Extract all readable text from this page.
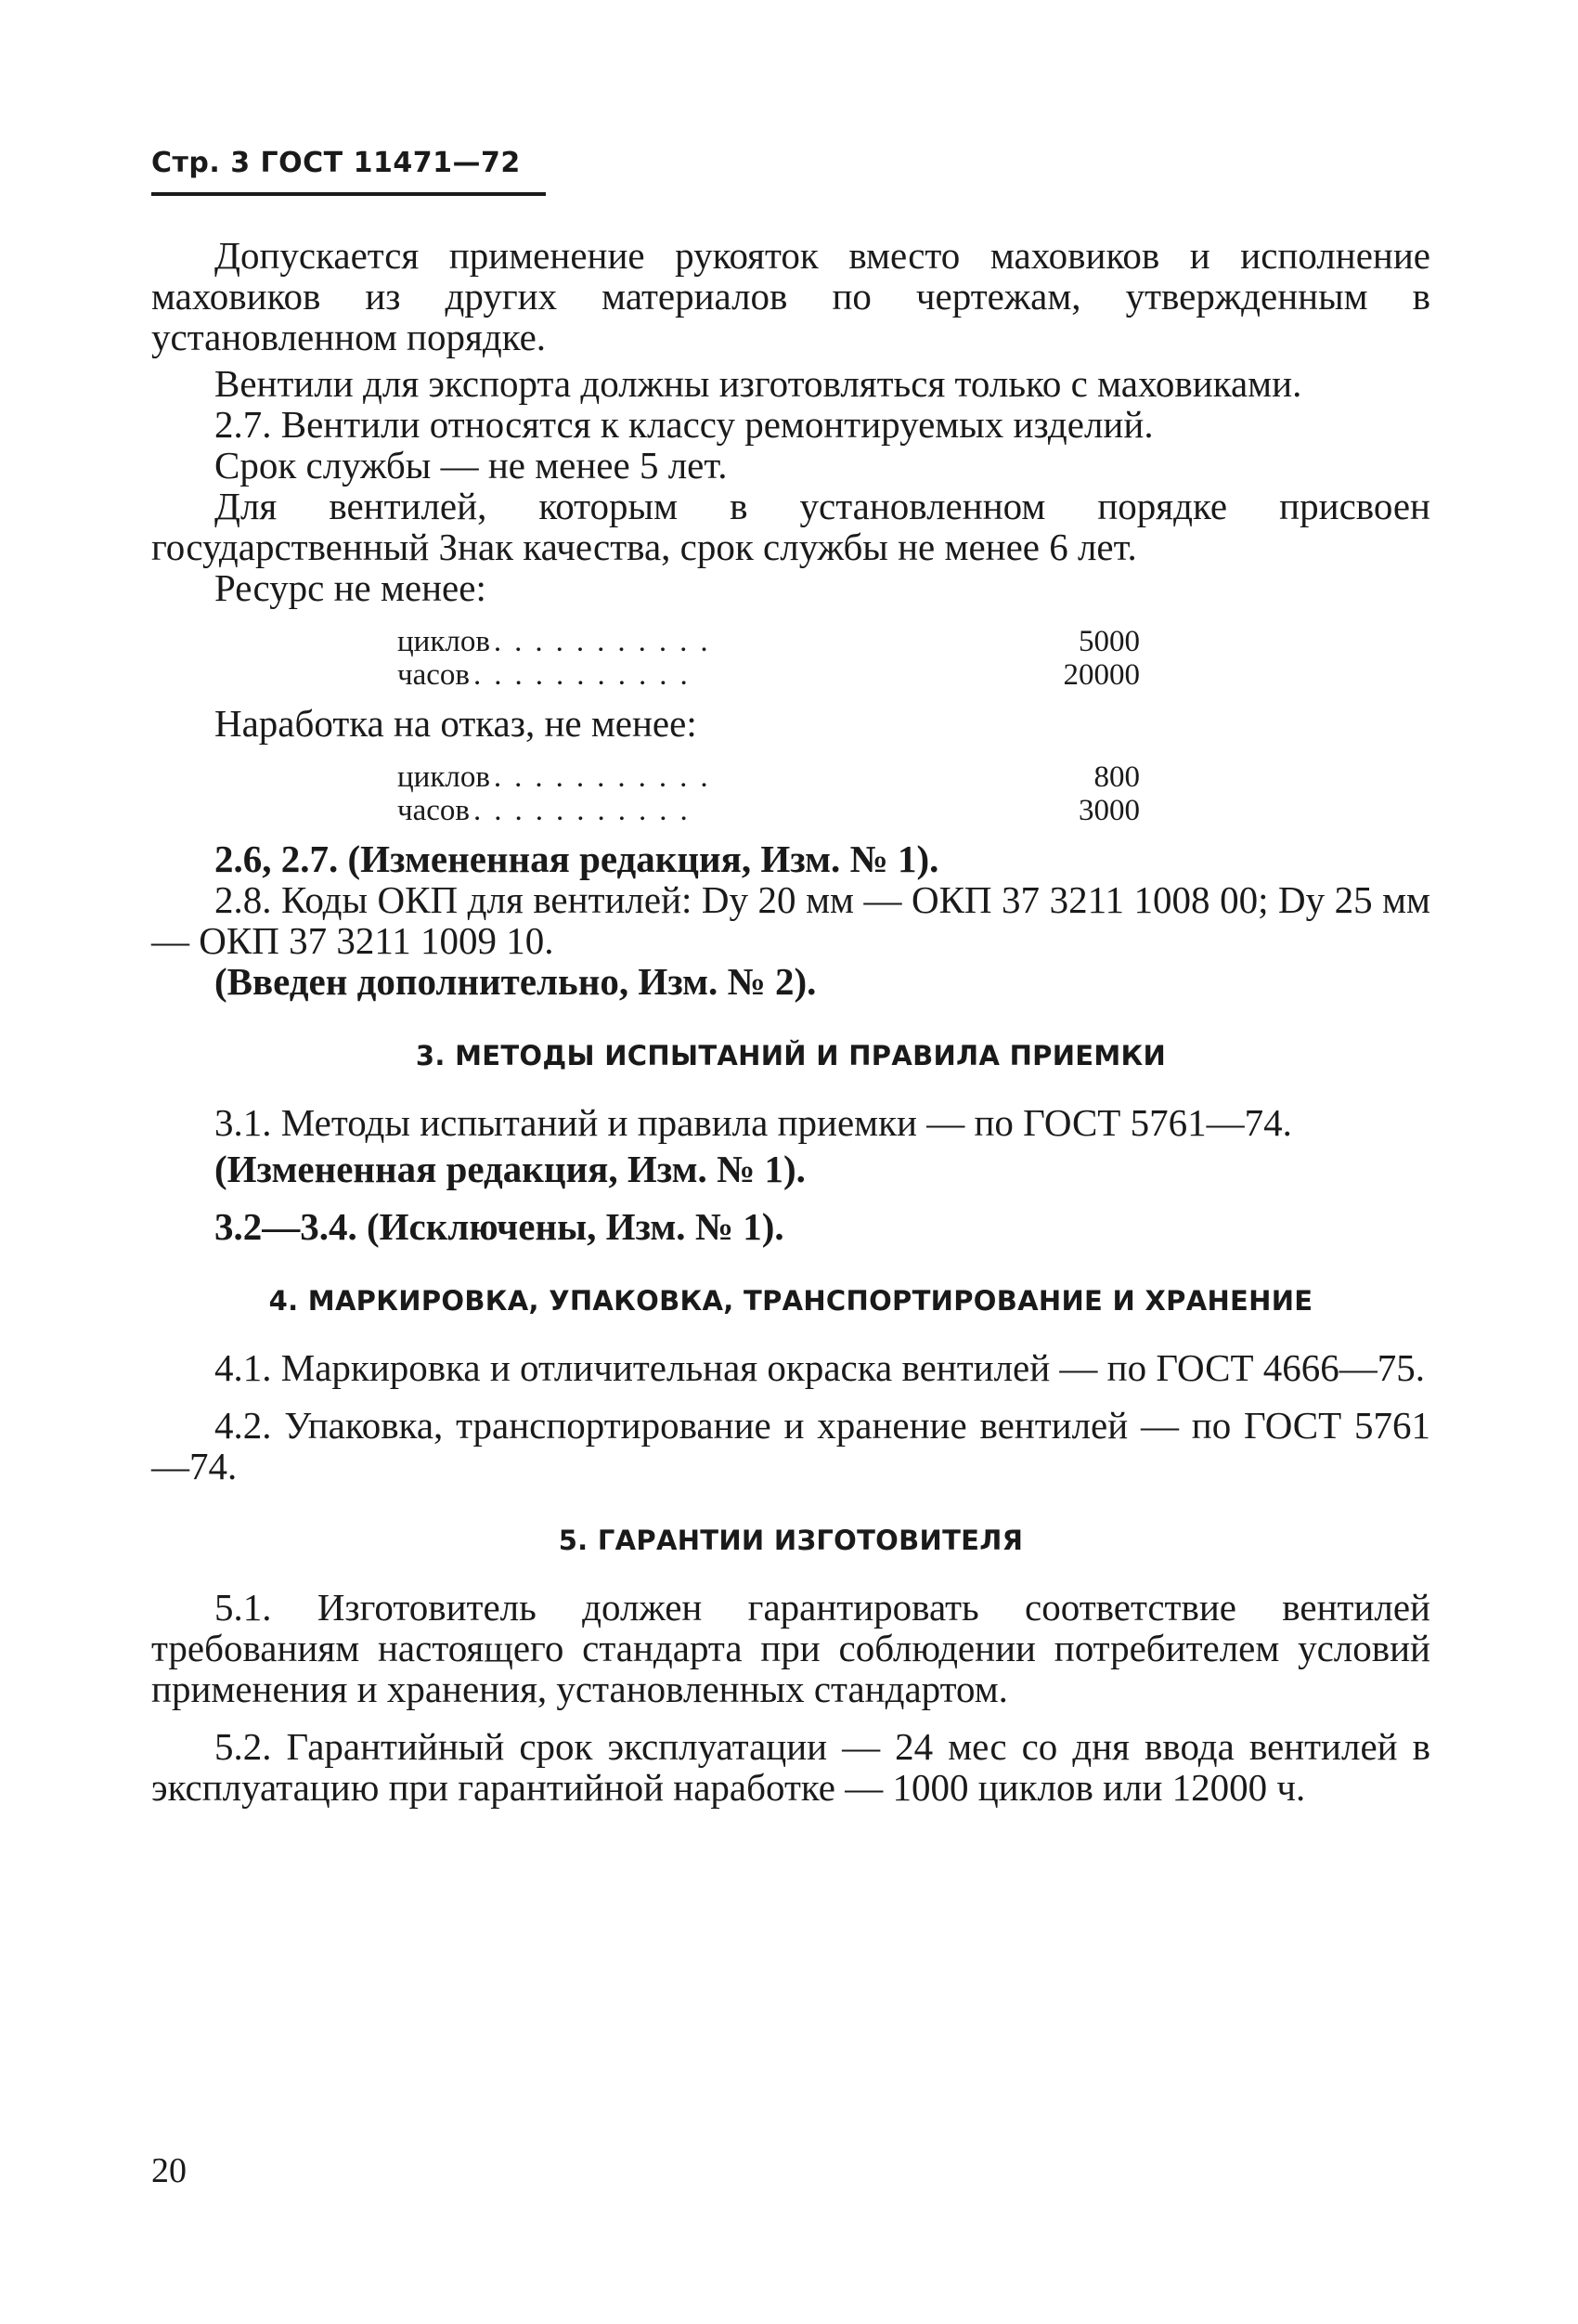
Стр. 3 ГОСТ 11471—72

Допускается применение рукояток вместо маховиков и исполнение маховиков из других материалов по чертежам, утвержденным в установленном порядке.

Вентили для экспорта должны изготовляться только с маховиками.

2.7. Вентили относятся к классу ремонтируемых изделий.

Срок службы — не менее 5 лет.

Для вентилей, которым в установленном порядке присвоен государственный Знак качества, срок службы не менее 6 лет.

Ресурс не менее:

циклов ...........	5000
часов ...........	20000

Наработка на отказ, не менее:

циклов ...........	800
часов ...........	3000

2.6, 2.7. (Измененная редакция, Изм. № 1).

2.8. Коды ОКП для вентилей: Dу 20 мм — ОКП 37 3211 1008 00; Dу 25 мм — ОКП 37 3211 1009 10.

(Введен дополнительно, Изм. № 2).

3. МЕТОДЫ ИСПЫТАНИЙ И ПРАВИЛА ПРИЕМКИ

3.1. Методы испытаний и правила приемки — по ГОСТ 5761—74.

(Измененная редакция, Изм. № 1).

3.2—3.4. (Исключены, Изм. № 1).

4. МАРКИРОВКА, УПАКОВКА, ТРАНСПОРТИРОВАНИЕ И ХРАНЕНИЕ

4.1. Маркировка и отличительная окраска вентилей — по ГОСТ 4666—75.

4.2. Упаковка, транспортирование и хранение вентилей — по ГОСТ 5761—74.

5. ГАРАНТИИ ИЗГОТОВИТЕЛЯ

5.1. Изготовитель должен гарантировать соответствие вентилей требованиям настоящего стандарта при соблюдении потребителем условий применения и хранения, установленных стандартом.

5.2. Гарантийный срок эксплуатации — 24 мес со дня ввода вентилей в эксплуатацию при гарантийной наработке — 1000 циклов или 12000 ч.

20
